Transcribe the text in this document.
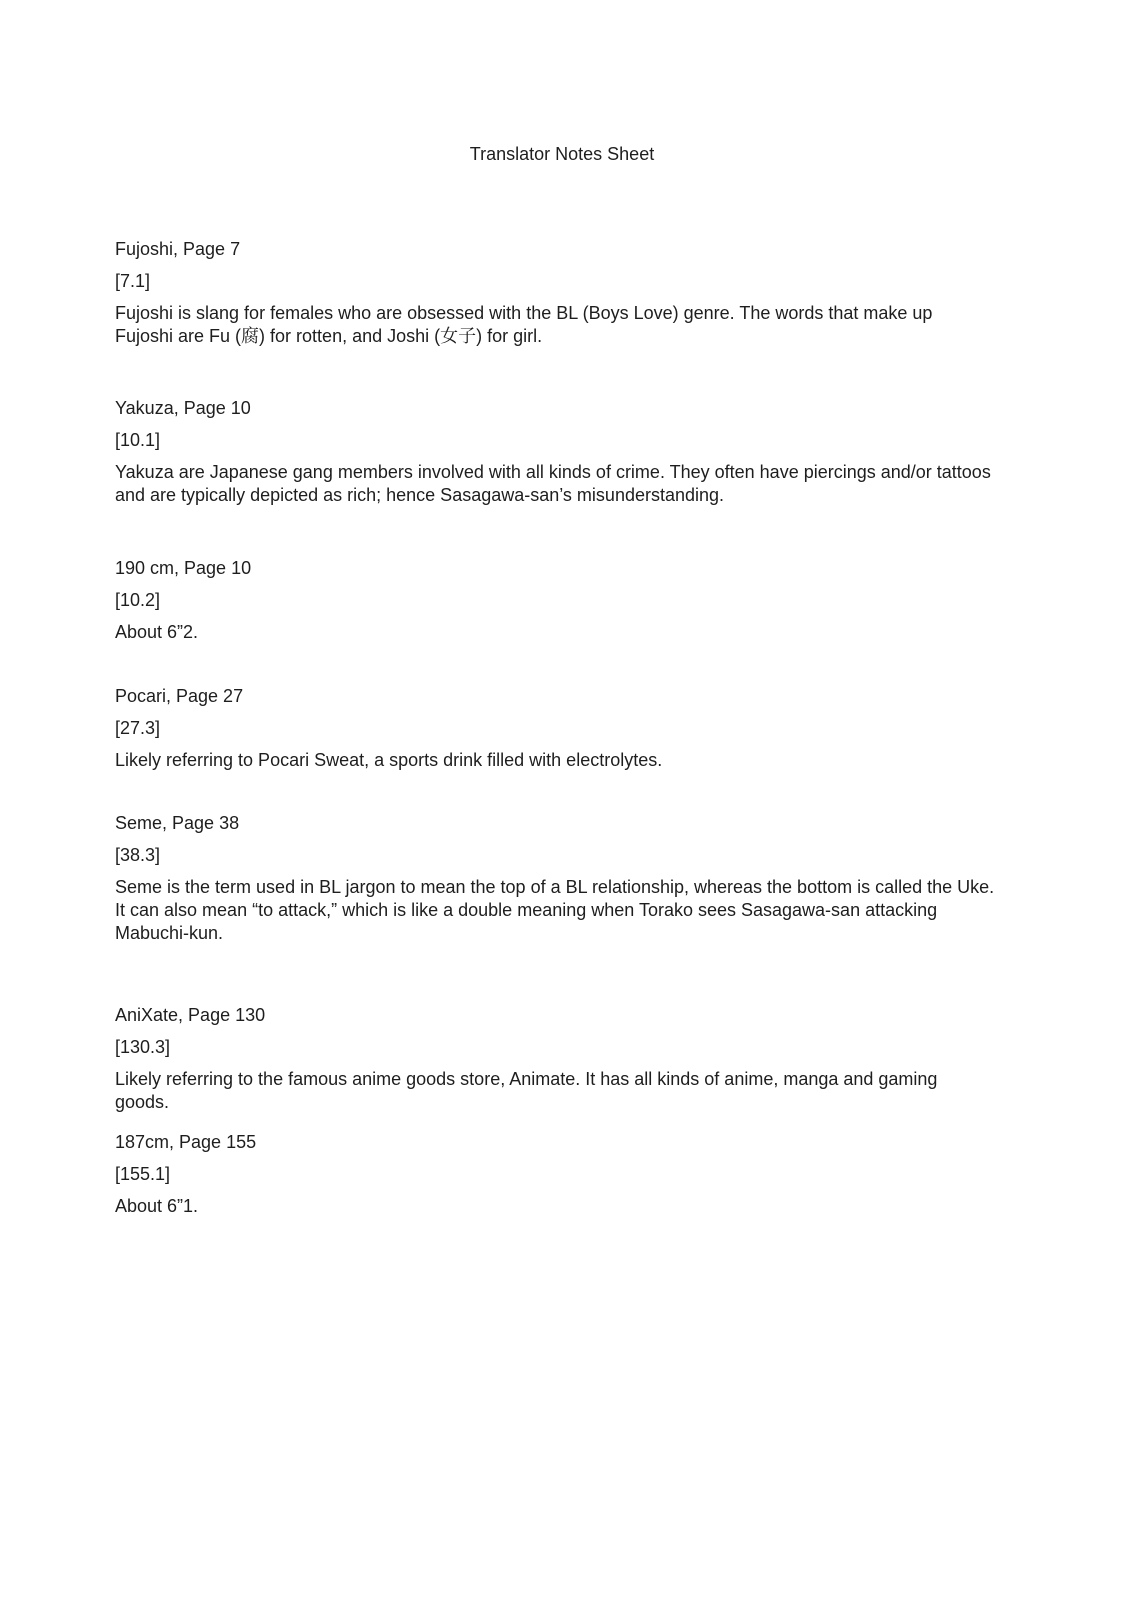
Translator Notes Sheet

Fujoshi, Page 7

[7.1]

Fujoshi is slang for females who are obsessed with the BL (Boys Love) genre. The words that make up Fujoshi are Fu (腐) for rotten, and Joshi (女子) for girl.

Yakuza, Page 10

[10.1]

Yakuza are Japanese gang members involved with all kinds of crime. They often have piercings and/or tattoos and are typically depicted as rich; hence Sasagawa-san’s misunderstanding.

190 cm, Page 10

[10.2]

About 6”2.

Pocari, Page 27

[27.3]

Likely referring to Pocari Sweat, a sports drink filled with electrolytes.

Seme, Page 38

[38.3]

Seme is the term used in BL jargon to mean the top of a BL relationship, whereas the bottom is called the Uke. It can also mean “to attack,” which is like a double meaning when Torako sees Sasagawa-san attacking Mabuchi-kun.

AniXate, Page 130

[130.3]

Likely referring to the famous anime goods store, Animate. It has all kinds of anime, manga and gaming goods.

187cm, Page 155

[155.1]

About 6”1.
